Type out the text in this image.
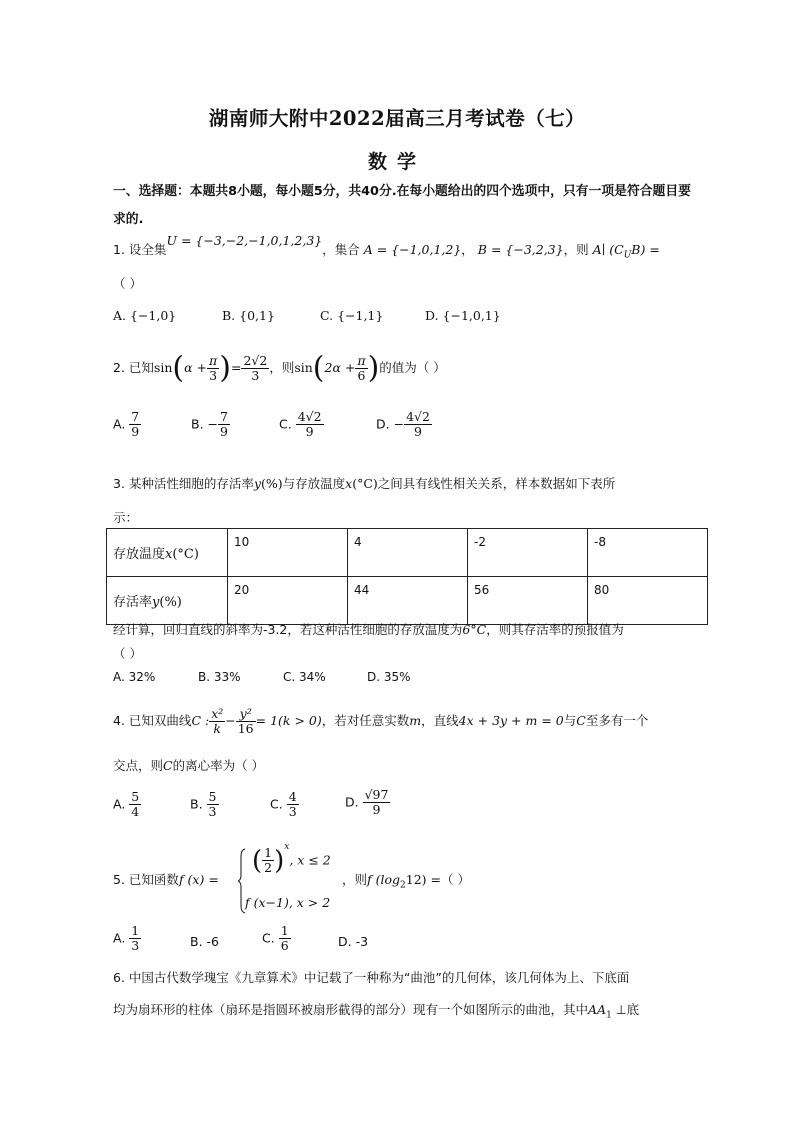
湖南师大附中2022届高三月考试卷（七）
数学
一、选择题：本题共8小题，每小题5分，共40分.在每小题给出的四个选项中，只有一项是符合题目要求的.
1. 设全集U = {−3,−2,−1,0,1,2,3}，集合 A = {−1,0,1,2}， B = {−3,2,3}，则 A∣ $(C_UB)$ =
（ ）
A. {−1,0}	B. {0,1}	C. {−1,1}	D. {−1,0,1}
2. 已知$\sin(\alpha + \frac{\pi}{3}$ )= $\frac{2√2}{3}$ ，则$\sin(2\alpha + \frac{\pi}{6}$ )的值为（ ）
A. $\frac{7}{9}$	B. − $\frac{7}{9}$	C. $\frac{4√2}{9}$	D. − $\frac{4√2}{9}$
3. 某种活性细胞的存活率y(%)与存放温度x(°C)之间具有线性相关关系，样本数据如下表所
示：
存放温度x(°C)	10	4	-2	-8
存活率y(%)	20	44	56	80
经计算，回归直线的斜率为-3.2，若这种活性细胞的存放温度为6°C，则其存活率的预报值为
（ ）
A. 32%	B. 33%	C. 34%	D. 35%
4. 已知双曲线C : $\frac{\text{x²}}{k} - \frac{\text{y²}}{16} = 1(k > 0)$，若对任意实数m，直线4x + 3y + m = 0与C至多有一个
交点，则C的离心率为（ ）
A. $\frac{5}{4}$	B. $\frac{5}{3}$	C. $\frac{4}{3}$	D. $\frac{√97}{9}$
5. 已知函数f (x) =
( $\frac{1}{2} )^x$, x ≤ 2
f (x−1), x > 2
，则f $(\log_212)$ =（ ）
A. $\frac{1}{3}$	B. -6	C. $\frac{1}{6}$	D. -3
6. 中国古代数学瑰宝《九章算术》中记载了一种称为“曲池”的几何体，该几何体为上、下底面
均为扇环形的柱体（扇环是指圆环被扇形截得的部分）现有一个如图所示的曲池，其中$AA_1$ ⊥底
